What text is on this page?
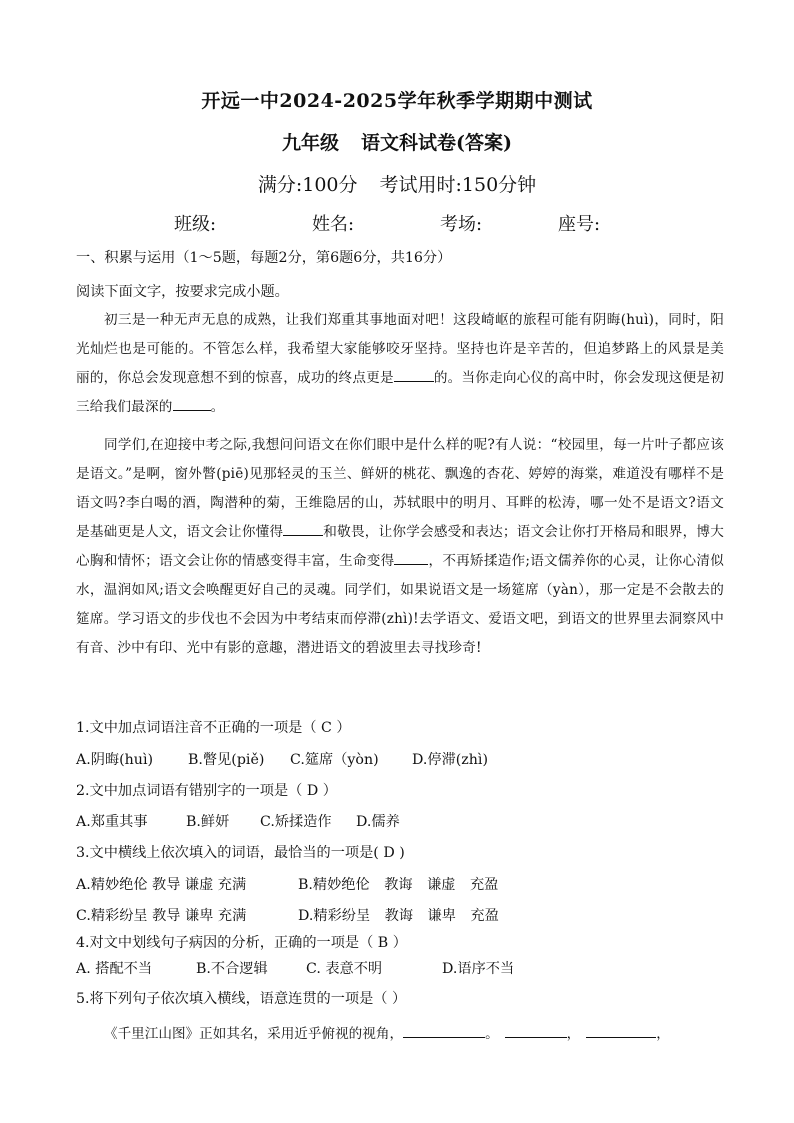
开远一中2024-2025学年秋季学期期中测试
九年级 语文科试卷(答案)
满分:100分 考试用时:150分钟
班级:	姓名:	考场:	座号:
一、积累与运用（1～5题，每题2分，第6题6分，共16分）
阅读下面文字，按要求完成小题。
初三是一种无声无息的成熟，让我们郑重其事地面对吧！这段崎岖的旅程可能有阴晦(huì)，同时，阳光灿烂也是可能的。不管怎么样，我希望大家能够咬牙坚持。坚持也许是辛苦的，但追梦路上的风景是美丽的，你总会发现意想不到的惊喜，成功的终点更是	的。当你走向心仪的高中时，你会发现这便是初三给我们最深的	。
同学们,在迎接中考之际,我想问问语文在你们眼中是什么样的呢?有人说：“校园里，每一片叶子都应该是语文。”是啊，窗外瞥(piē)见那轻灵的玉兰、鲜妍的桃花、飘逸的杏花、婷婷的海棠，难道没有哪样不是语文吗?李白喝的酒，陶潜种的菊，王维隐居的山，苏轼眼中的明月、耳畔的松涛，哪一处不是语文?语文是基础更是人文，语文会让你懂得	和敬畏，让你学会感受和表达；语文会让你打开格局和眼界，博大心胸和情怀；语文会让你的情感变得丰富，生命变得	，不再矫揉造作;语文儒养你的心灵，让你心清似水，温润如风;语文会唤醒更好自己的灵魂。同学们，如果说语文是一场筵席（yàn），那一定是不会散去的筵席。学习语文的步伐也不会因为中考结束而停滞(zhì)!去学语文、爱语文吧，到语文的世界里去洞察风中有音、沙中有印、光中有影的意趣，潜进语文的碧波里去寻找珍奇!
1.文中加点词语注音不正确的一项是（ C ）
A.阴晦(huì) B.瞥见(piě) C.筵席（yòn) D.停滞(zhì)
2.文中加点词语有错别字的一项是（ D ）
A.郑重其事	B.鲜妍 C.矫揉造作 D.儒养
3.文中横线上依次填入的词语，最恰当的一项是( D )
A.精妙绝伦 教导 谦虚 充满	B.精妙绝伦 教诲 谦虚 充盈
C.精彩纷呈 教导 谦卑 充满	D.精彩纷呈 教诲 谦卑 充盈
4.对文中划线句子病因的分析，正确的一项是（ B ）
A. 搭配不当	B.不合逻辑	C. 表意不明	D.语序不当
5.将下列句子依次填入横线，语意连贯的一项是（ ）
《千里江山图》正如其名，采用近乎俯视的视角，	。	，	，
